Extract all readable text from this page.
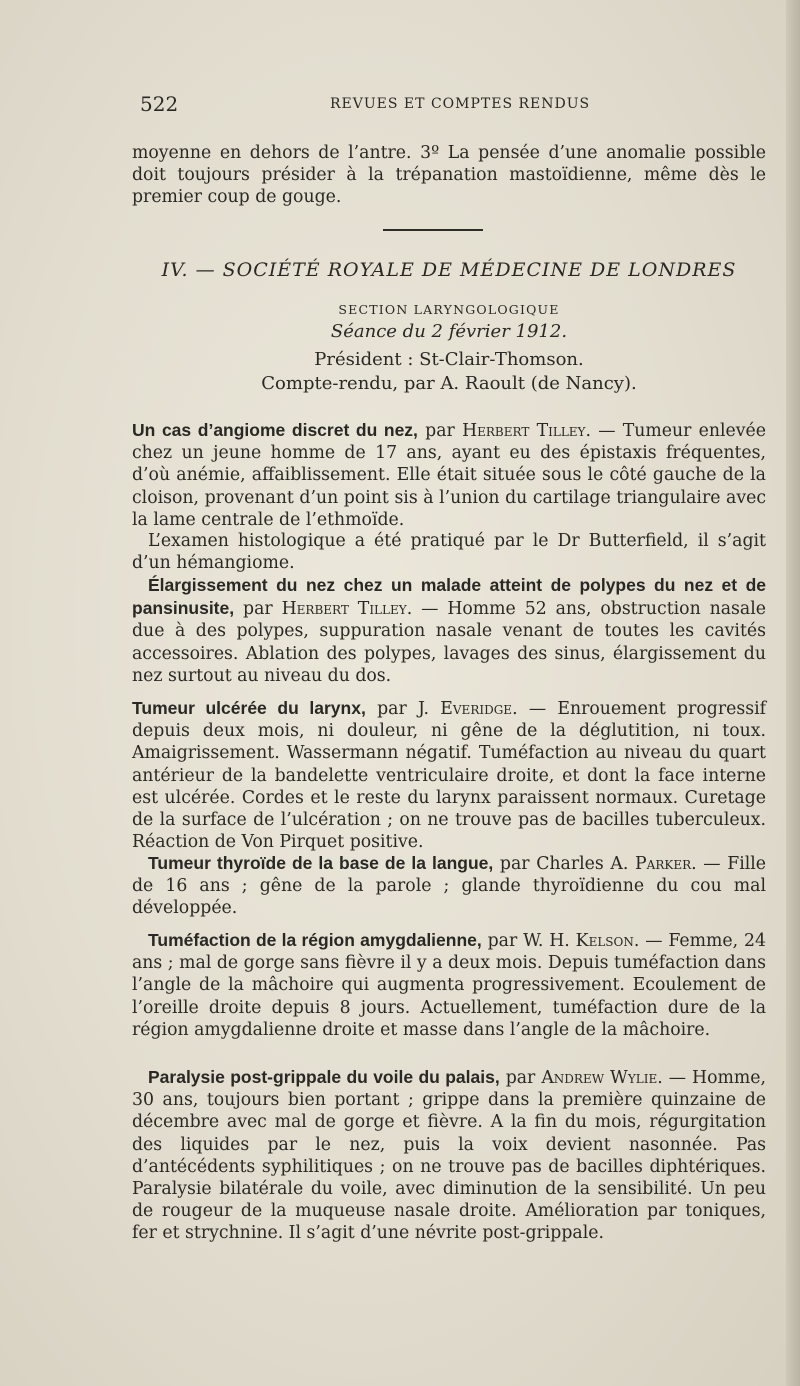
522	REVUES ET COMPTES RENDUS

moyenne en dehors de l’antre. 3º La pensée d’une anomalie possible doit toujours présider à la trépanation mastoïdienne, même dès le premier coup de gouge.

IV. — SOCIÉTÉ ROYALE DE MÉDECINE DE LONDRES

SECTION LARYNGOLOGIQUE

Séance du 2 février 1912.

Président : St-Clair-Thomson.

Compte-rendu, par A. Raoult (de Nancy).

Un cas d’angiome discret du nez, par Herbert Tilley. — Tumeur enlevée chez un jeune homme de 17 ans, ayant eu des épistaxis fréquentes, d’où anémie, affaiblissement. Elle était située sous le côté gauche de la cloison, provenant d’un point sis à l’union du cartilage triangulaire avec la lame centrale de l’ethmoïde.

L’examen histologique a été pratiqué par le Dr Butterfield, il s’agit d’un hémangiome.

Élargissement du nez chez un malade atteint de polypes du nez et de pansinusite, par Herbert Tilley. — Homme 52 ans, obstruction nasale due à des polypes, suppuration nasale venant de toutes les cavités accessoires. Ablation des polypes, lavages des sinus, élargissement du nez surtout au niveau du dos.

Tumeur ulcérée du larynx, par J. Everidge. — Enrouement progressif depuis deux mois, ni douleur, ni gêne de la déglutition, ni toux. Amaigrissement. Wassermann négatif. Tuméfaction au niveau du quart antérieur de la bandelette ventriculaire droite, et dont la face interne est ulcérée. Cordes et le reste du larynx paraissent normaux. Curetage de la surface de l’ulcération ; on ne trouve pas de bacilles tuberculeux. Réaction de Von Pirquet positive.

Tumeur thyroïde de la base de la langue, par Charles A. Parker. — Fille de 16 ans ; gêne de la parole ; glande thyroïdienne du cou mal développée.

Tuméfaction de la région amygdalienne, par W. H. Kelson. — Femme, 24 ans ; mal de gorge sans fièvre il y a deux mois. Depuis tuméfaction dans l’angle de la mâchoire qui augmenta progressivement. Ecoulement de l’oreille droite depuis 8 jours. Actuellement, tuméfaction dure de la région amygdalienne droite et masse dans l’angle de la mâchoire.

Paralysie post-grippale du voile du palais, par Andrew Wylie. — Homme, 30 ans, toujours bien portant ; grippe dans la première quinzaine de décembre avec mal de gorge et fièvre. A la fin du mois, régurgitation des liquides par le nez, puis la voix devient nasonnée. Pas d’antécédents syphilitiques ; on ne trouve pas de bacilles diphtériques. Paralysie bilatérale du voile, avec diminution de la sensibilité. Un peu de rougeur de la muqueuse nasale droite. Amélioration par toniques, fer et strychnine. Il s’agit d’une névrite post-grippale.
